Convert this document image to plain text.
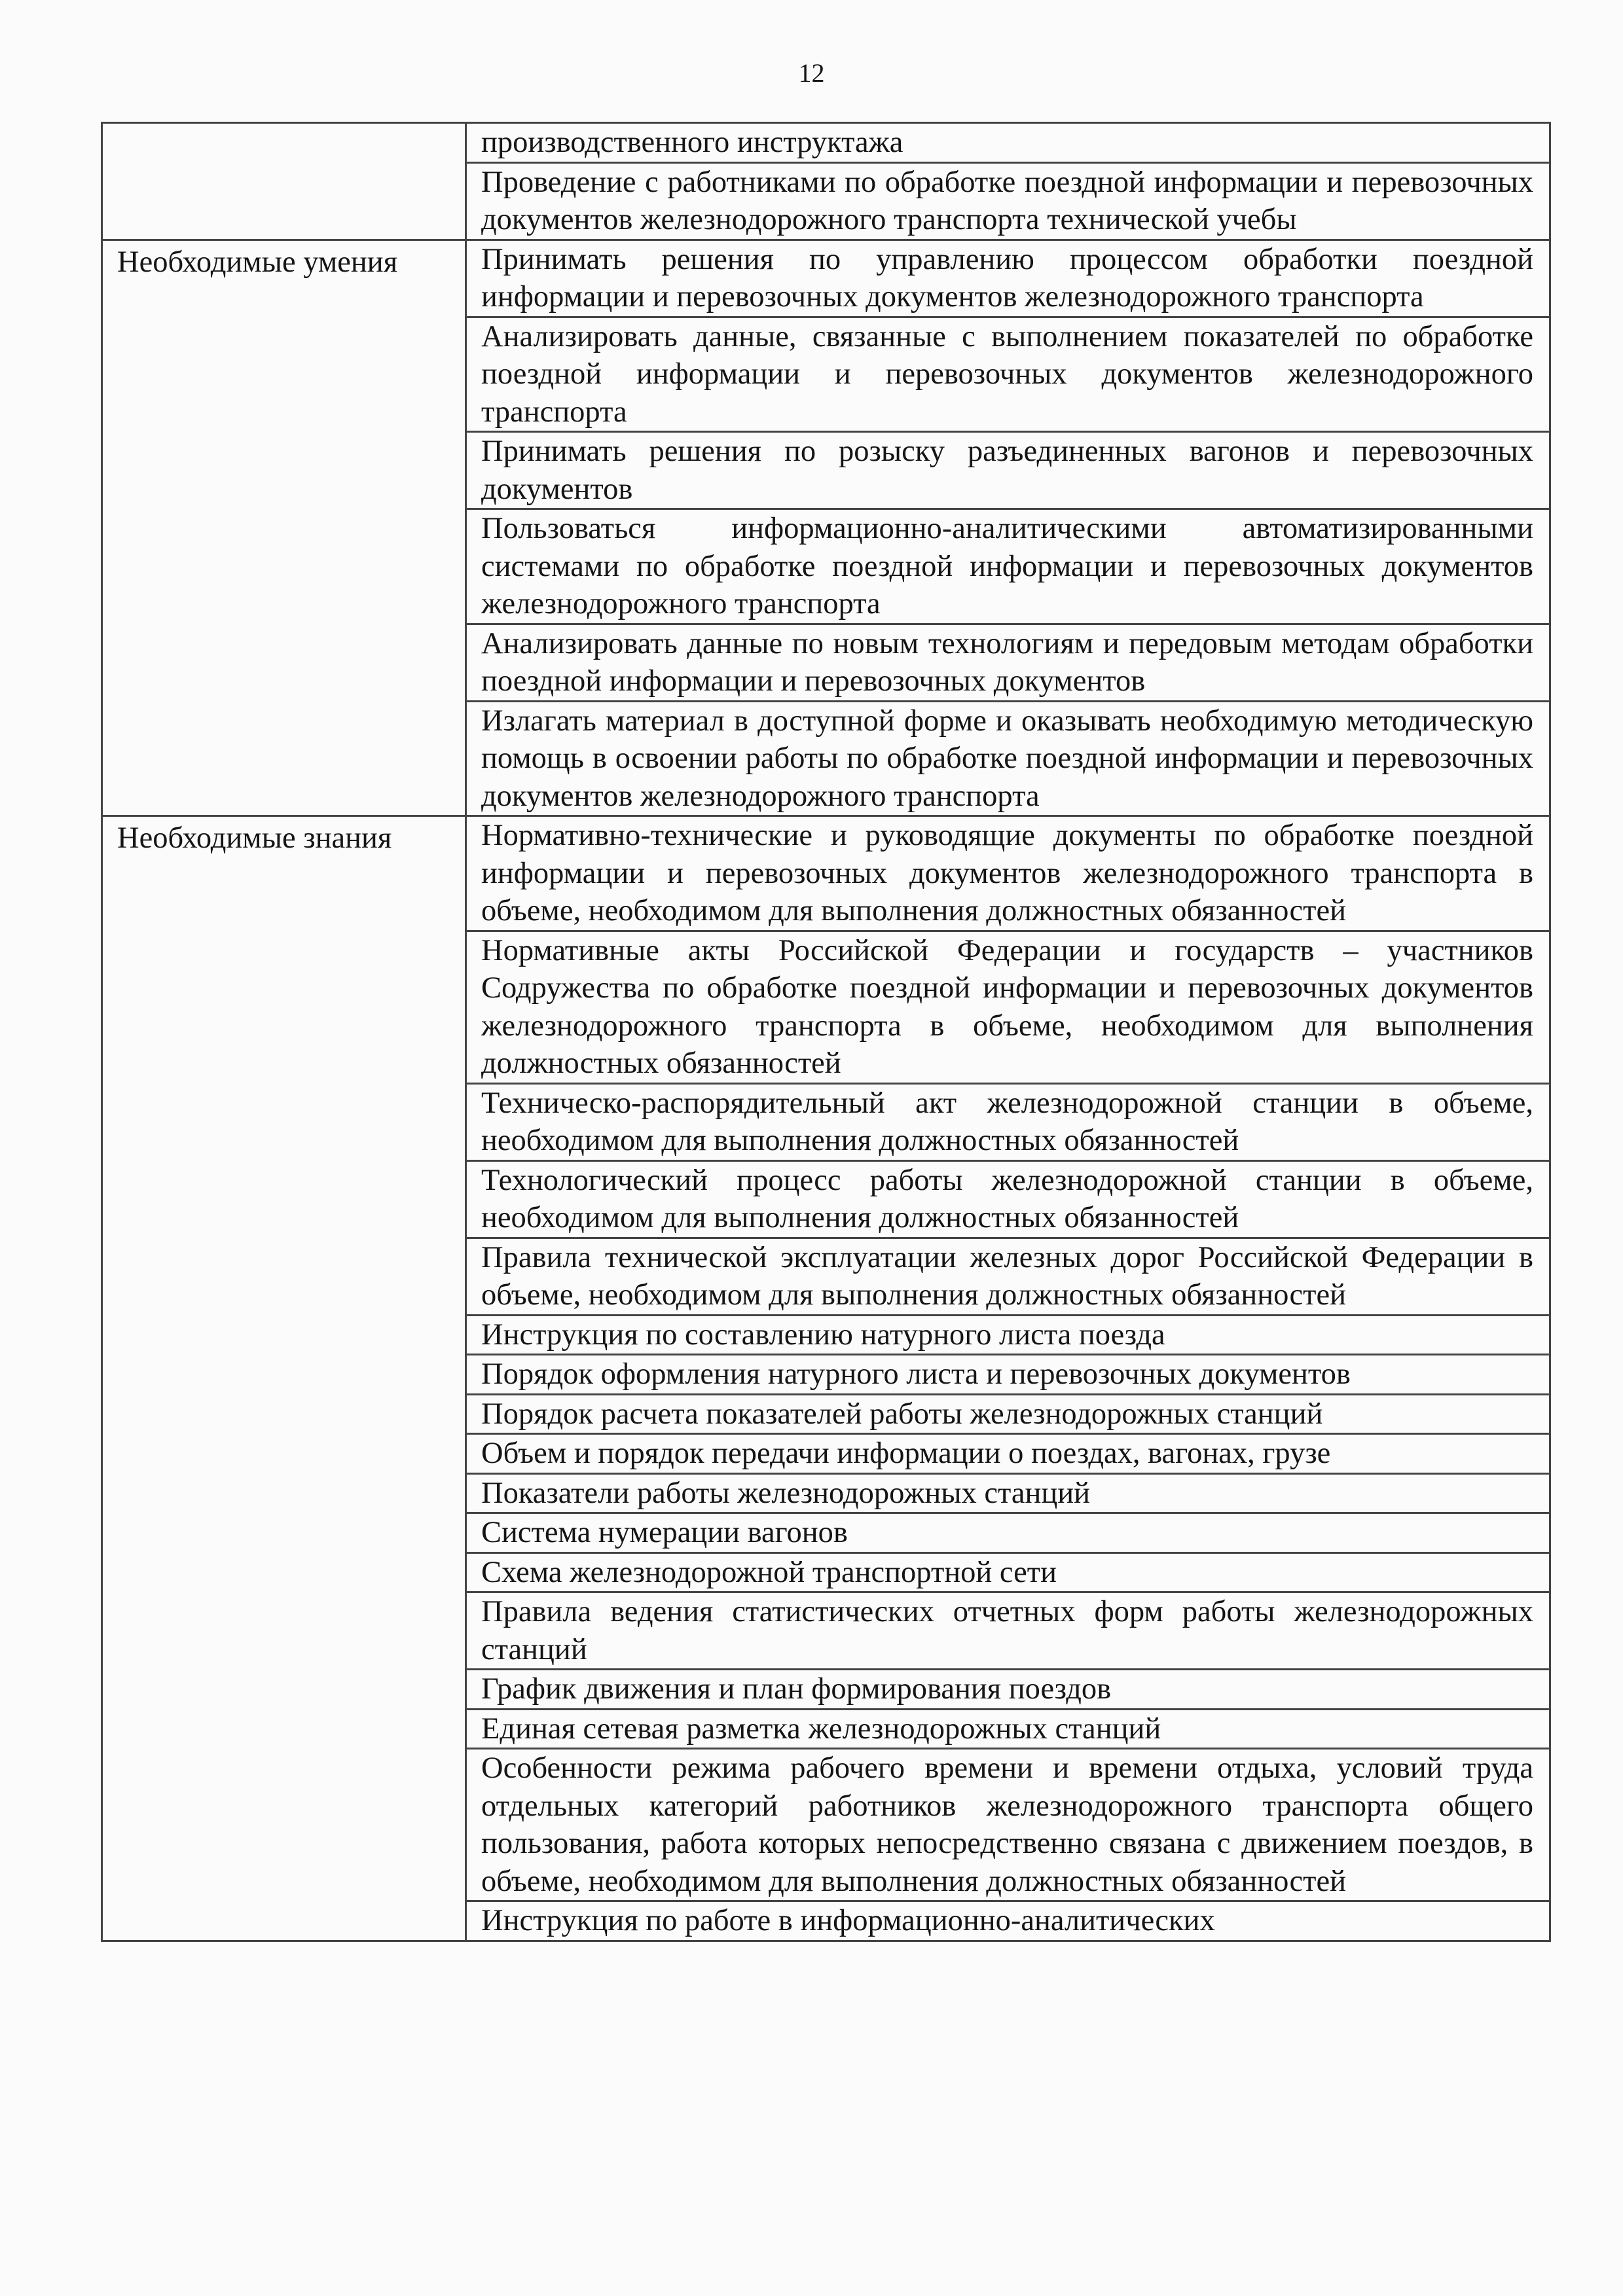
12
	производственного инструктажа
	Проведение с работниками по обработке поездной информации и перевозочных документов железнодорожного транспорта технической учебы
Необходимые умения	Принимать решения по управлению процессом обработки поездной информации и перевозочных документов железнодорожного транспорта
	Анализировать данные, связанные с выполнением показателей по обработке поездной информации и перевозочных документов железнодорожного транспорта
	Принимать решения по розыску разъединенных вагонов и перевозочных документов
	Пользоваться информационно-аналитическими автоматизированными системами по обработке поездной информации и перевозочных документов железнодорожного транспорта
	Анализировать данные по новым технологиям и передовым методам обработки поездной информации и перевозочных документов
	Излагать материал в доступной форме и оказывать необходимую методическую помощь в освоении работы по обработке поездной информации и перевозочных документов железнодорожного транспорта
Необходимые знания	Нормативно-технические и руководящие документы по обработке поездной информации и перевозочных документов железнодорожного транспорта в объеме, необходимом для выполнения должностных обязанностей
	Нормативные акты Российской Федерации и государств – участников Содружества по обработке поездной информации и перевозочных документов железнодорожного транспорта в объеме, необходимом для выполнения должностных обязанностей
	Техническо-распорядительный акт железнодорожной станции в объеме, необходимом для выполнения должностных обязанностей
	Технологический процесс работы железнодорожной станции в объеме, необходимом для выполнения должностных обязанностей
	Правила технической эксплуатации железных дорог Российской Федерации в объеме, необходимом для выполнения должностных обязанностей
	Инструкция по составлению натурного листа поезда
	Порядок оформления натурного листа и перевозочных документов
	Порядок расчета показателей работы железнодорожных станций
	Объем и порядок передачи информации о поездах, вагонах, грузе
	Показатели работы железнодорожных станций
	Система нумерации вагонов
	Схема железнодорожной транспортной сети
	Правила ведения статистических отчетных форм работы железнодорожных станций
	График движения и план формирования поездов
	Единая сетевая разметка железнодорожных станций
	Особенности режима рабочего времени и времени отдыха, условий труда отдельных категорий работников железнодорожного транспорта общего пользования, работа которых непосредственно связана с движением поездов, в объеме, необходимом для выполнения должностных обязанностей
	Инструкция по работе в информационно-аналитических
